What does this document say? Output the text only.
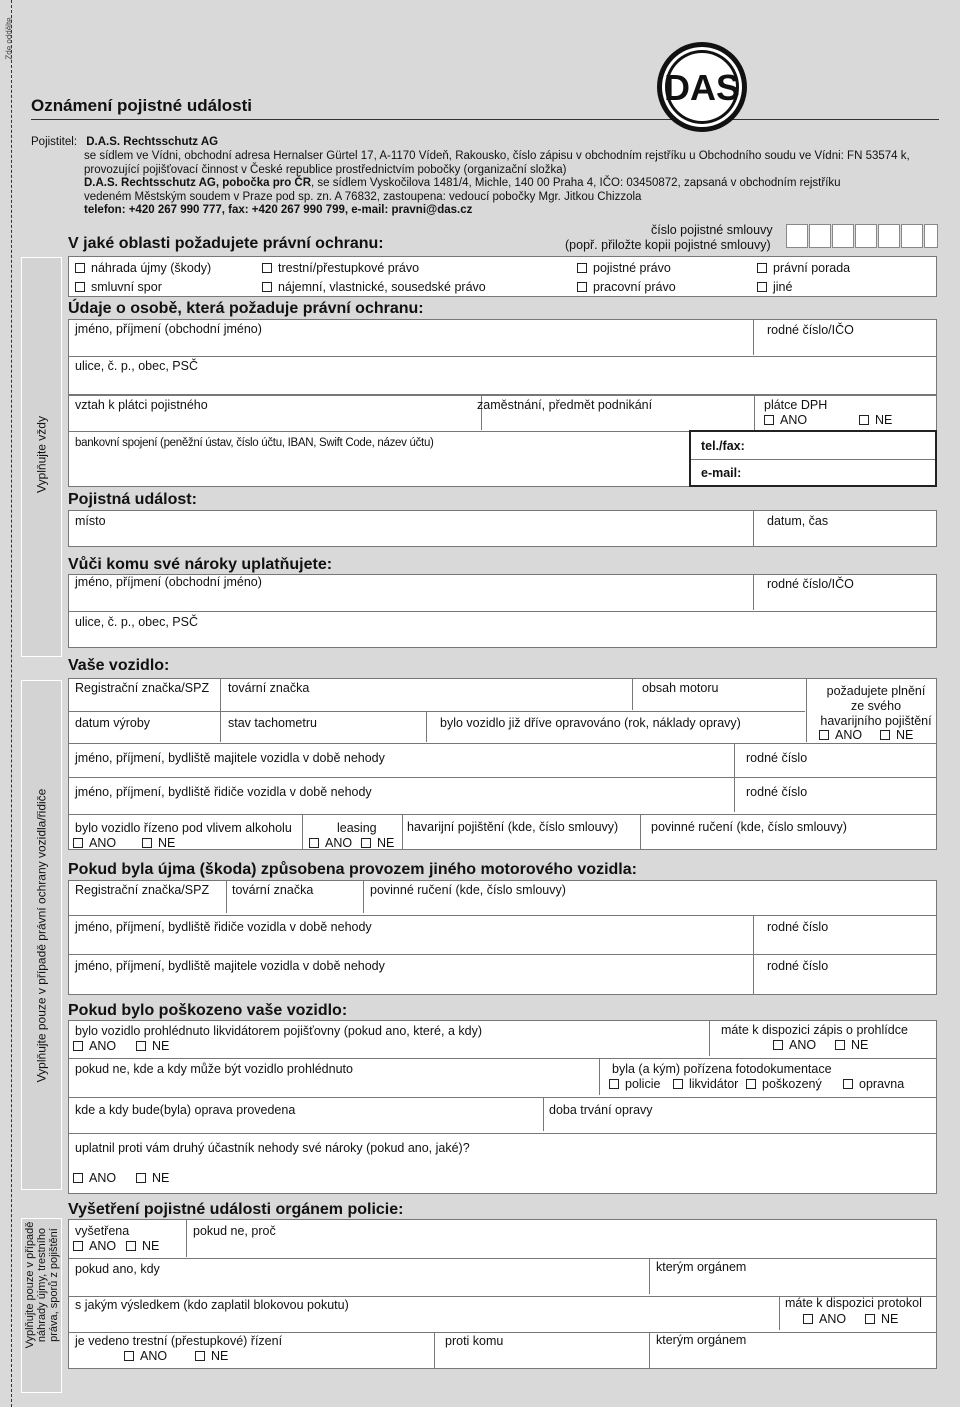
Zde oddělte
Oznámení pojistné události	DAS
Pojistitel: D.A.S. Rechtsschutz AG
se sídlem ve Vídni, obchodní adresa Hernalser Gürtel 17, A-1170 Vídeň, Rakousko, číslo zápisu v obchodním rejstříku u Obchodního soudu ve Vídni: FN 53574 k,
provozující pojišťovací činnost v České republice prostřednictvím pobočky (organizační složka)
D.A.S. Rechtsschutz AG, pobočka pro ČR, se sídlem Vyskočilova 1481/4, Michle, 140 00 Praha 4, IČO: 03450872, zapsaná v obchodním rejstříku
vedeném Městským soudem v Praze pod sp. zn. A 76832, zastoupena: vedoucí pobočky Mgr. Jitkou Chizzola
telefon: +420 267 990 777, fax: +420 267 990 799, e-mail: pravni@das.cz
Vyplňujte vždy
Vyplňujte pouze v případě právní ochrany vozidla/řidiče
Vyplňujte pouze v případě náhrady újmy, trestního práva, sporů z pojištění
V jaké oblasti požadujete právní ochranu:
číslo pojistné smlouvy
(popř. přiložte kopii pojistné smlouvy)
náhrada újmy (škody)	trestní/přestupkové právo	pojistné právo	právní porada
smluvní spor	nájemní, vlastnické, sousedské právo	pracovní právo	jiné
Údaje o osobě, která požaduje právní ochranu:
jméno, příjmení (obchodní jméno)	rodné číslo/IČO
ulice, č. p., obec, PSČ
vztah k plátci pojistného	zaměstnání, předmět podnikání	plátce DPH
ANO	NE
bankovní spojení (peněžní ústav, číslo účtu, IBAN, Swift Code, název účtu)	tel./fax:
e-mail:
Pojistná událost:
místo	datum, čas
Vůči komu své nároky uplatňujete:
jméno, příjmení (obchodní jméno)	rodné číslo/IČO
ulice, č. p., obec, PSČ
Vaše vozidlo:
Registrační značka/SPZ tovární značka	obsah motoru	požadujete plnění
ze svého
havarijního pojištění
ANO	NE
datum výroby	stav tachometru	bylo vozidlo již dříve opravováno (rok, náklady opravy)
jméno, příjmení, bydliště majitele vozidla v době nehody	rodné číslo
jméno, příjmení, bydliště řidiče vozidla v době nehody	rodné číslo
bylo vozidlo řízeno pod vlivem alkoholu
ANO	NE
leasing
ANO	NE
havarijní pojištění (kde, číslo smlouvy)	povinné ručení (kde, číslo smlouvy)
Pokud byla újma (škoda) způsobena provozem jiného motorového vozidla:
Registrační značka/SPZ tovární značka	povinné ručení (kde, číslo smlouvy)
jméno, příjmení, bydliště řidiče vozidla v době nehody	rodné číslo
jméno, příjmení, bydliště majitele vozidla v době nehody	rodné číslo
Pokud bylo poškozeno vaše vozidlo:
bylo vozidlo prohlédnuto likvidátorem pojišťovny (pokud ano, které, a kdy)
ANO	NE
máte k dispozici zápis o prohlídce
ANO	NE
pokud ne, kde a kdy může být vozidlo prohlédnuto	byla (a kým) pořízena fotodokumentace
policie	likvidátor	poškozený	opravna
kde a kdy bude(byla) oprava provedena	doba trvání opravy
uplatnil proti vám druhý účastník nehody své nároky (pokud ano, jaké)?
ANO	NE
Vyšetření pojistné události orgánem policie:
vyšetřena
ANO	NE
pokud ne, proč
pokud ano, kdy	kterým orgánem
s jakým výsledkem (kdo zaplatil blokovou pokutu)	máte k dispozici protokol
ANO	NE
je vedeno trestní (přestupkové) řízení
ANO	NE
proti komu	kterým orgánem
